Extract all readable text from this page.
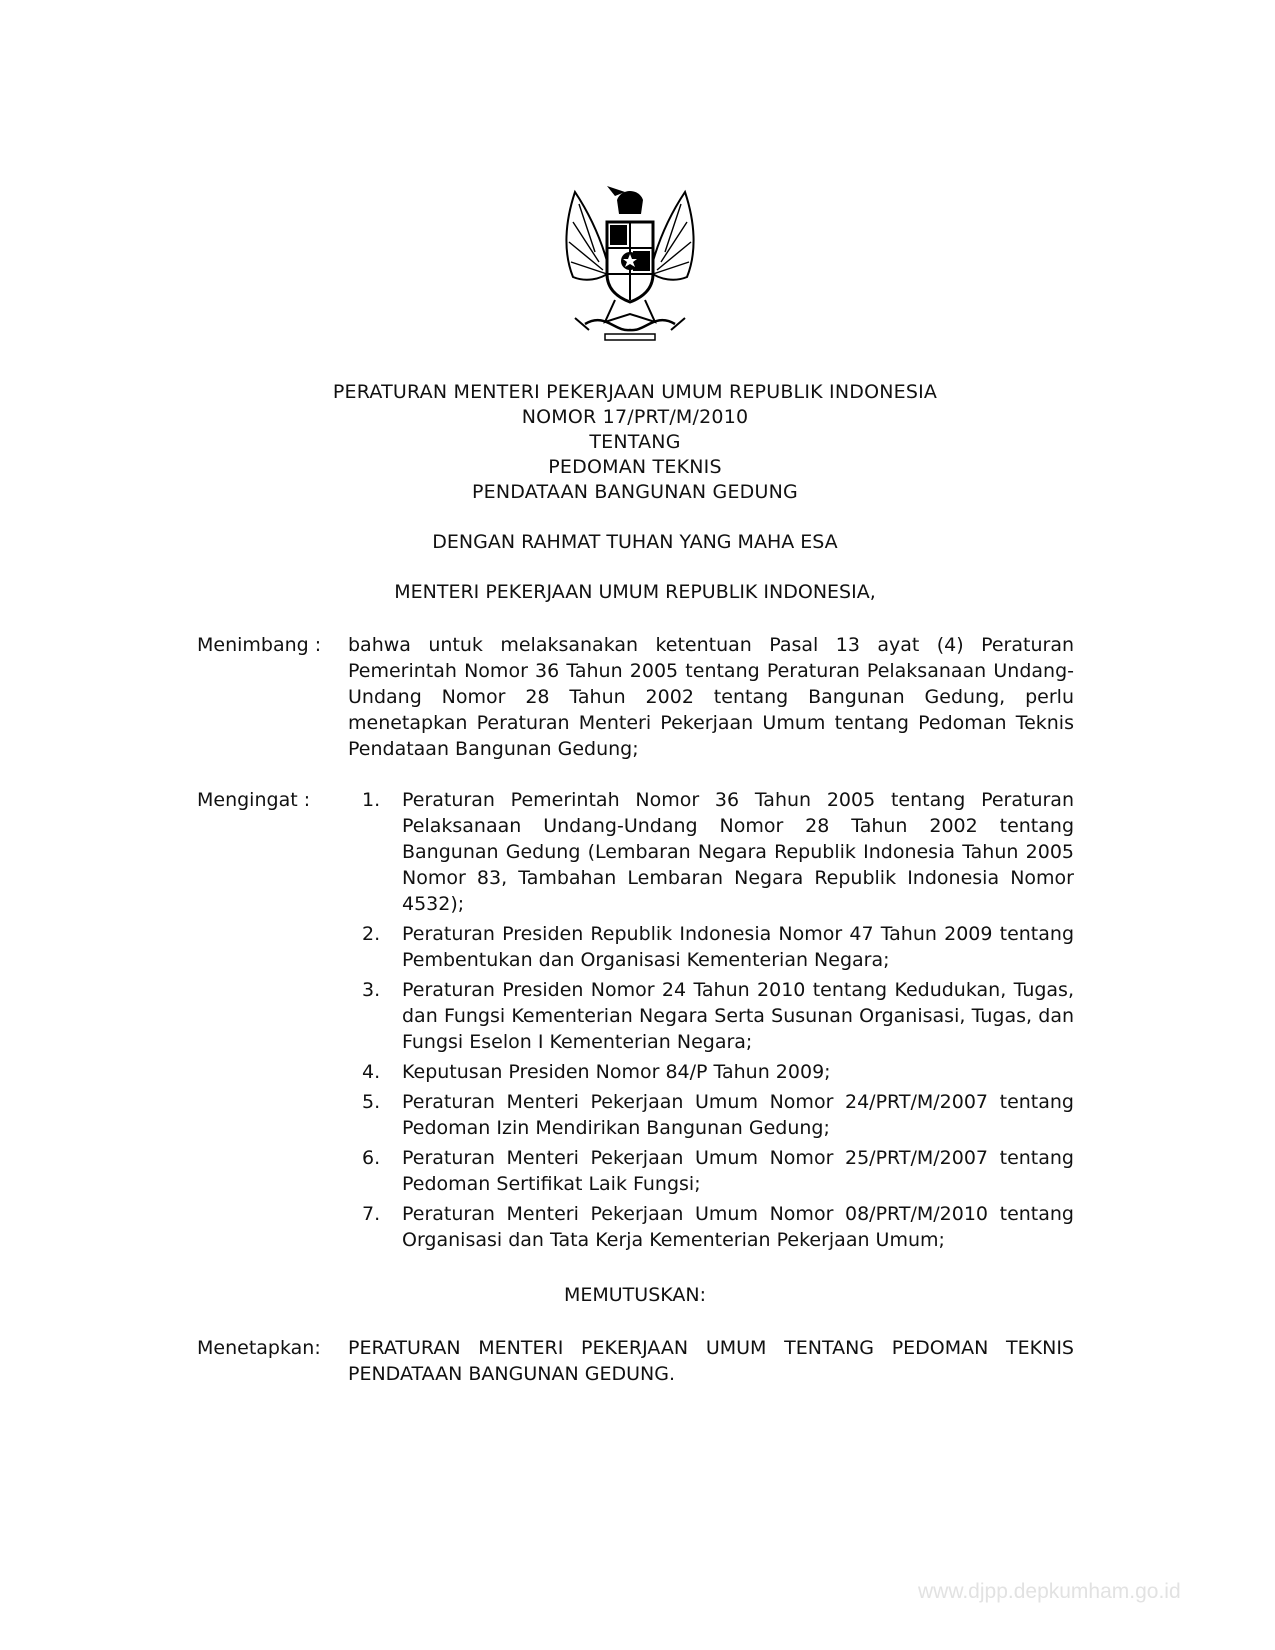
PERATURAN MENTERI PEKERJAAN UMUM REPUBLIK INDONESIA
NOMOR 17/PRT/M/2010
TENTANG
PEDOMAN TEKNIS
PENDATAAN BANGUNAN GEDUNG
DENGAN RAHMAT TUHAN YANG MAHA ESA
MENTERI PEKERJAAN UMUM REPUBLIK INDONESIA,
Menimbang : bahwa untuk melaksanakan ketentuan Pasal 13 ayat (4) Peraturan Pemerintah Nomor 36 Tahun 2005 tentang Peraturan Pelaksanaan Undang-Undang Nomor 28 Tahun 2002 tentang Bangunan Gedung, perlu menetapkan Peraturan Menteri Pekerjaan Umum tentang Pedoman Teknis Pendataan Bangunan Gedung;
Mengingat :	1. Peraturan Pemerintah Nomor 36 Tahun 2005 tentang Peraturan Pelaksanaan Undang-Undang Nomor 28 Tahun 2002 tentang Bangunan Gedung (Lembaran Negara Republik Indonesia Tahun 2005 Nomor 83, Tambahan Lembaran Negara Republik Indonesia Nomor 4532);
2. Peraturan Presiden Republik Indonesia Nomor 47 Tahun 2009 tentang Pembentukan dan Organisasi Kementerian Negara;
3. Peraturan Presiden Nomor 24 Tahun 2010 tentang Kedudukan, Tugas, dan Fungsi Kementerian Negara Serta Susunan Organisasi, Tugas, dan Fungsi Eselon I Kementerian Negara;
4. Keputusan Presiden Nomor 84/P Tahun 2009;
5. Peraturan Menteri Pekerjaan Umum Nomor 24/PRT/M/2007 tentang Pedoman Izin Mendirikan Bangunan Gedung;
6. Peraturan Menteri Pekerjaan Umum Nomor 25/PRT/M/2007 tentang Pedoman Sertifikat Laik Fungsi;
7. Peraturan Menteri Pekerjaan Umum Nomor 08/PRT/M/2010 tentang Organisasi dan Tata Kerja Kementerian Pekerjaan Umum;
MEMUTUSKAN:
Menetapkan: PERATURAN MENTERI PEKERJAAN UMUM TENTANG PEDOMAN TEKNIS PENDATAAN BANGUNAN GEDUNG.
www.djpp.depkumham.go.id
